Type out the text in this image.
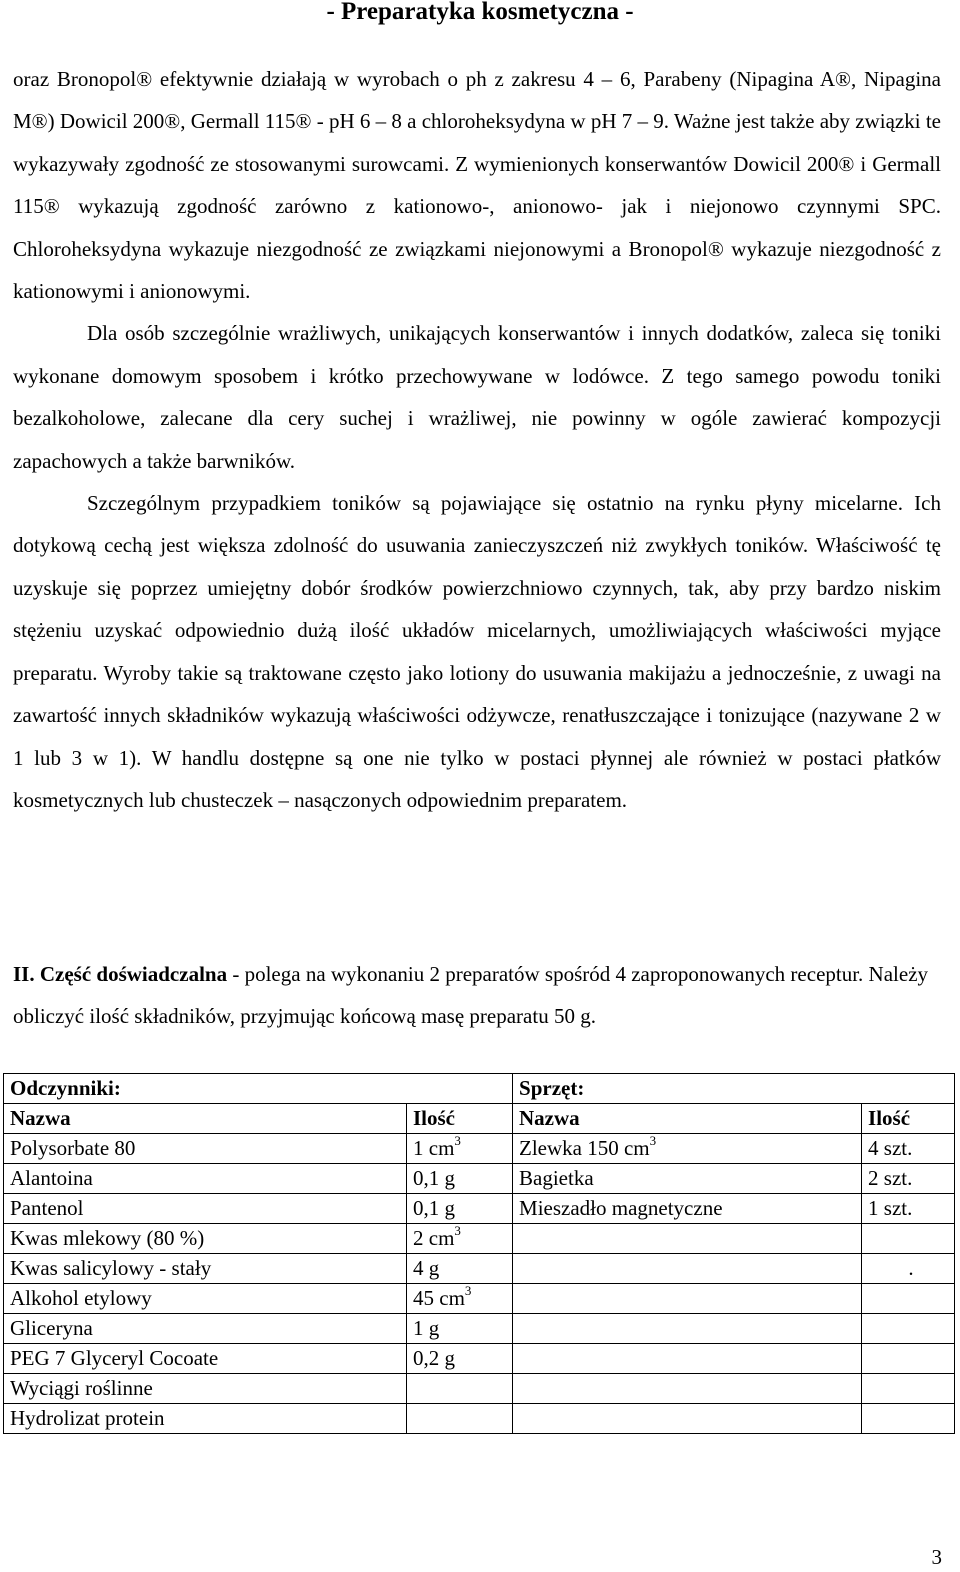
- Preparatyka kosmetyczna -

oraz Bronopol® efektywnie działają w wyrobach o ph z zakresu 4 – 6, Parabeny (Nipagina A®, Nipagina M®) Dowicil 200®, Germall 115® - pH 6 – 8 a chloroheksydyna w pH 7 – 9. Ważne jest także aby związki te wykazywały zgodność ze stosowanymi surowcami. Z wymienionych konserwantów Dowicil 200® i Germall 115® wykazują zgodność zarówno z kationowo-, anionowo- jak i niejonowo czynnymi SPC. Chloroheksydyna wykazuje niezgodność ze związkami niejonowymi a Bronopol® wykazuje niezgodność z kationowymi i anionowymi.

Dla osób szczególnie wrażliwych, unikających konserwantów i innych dodatków, zaleca się toniki wykonane domowym sposobem i krótko przechowywane w lodówce. Z tego samego powodu toniki bezalkoholowe, zalecane dla cery suchej i wrażliwej, nie powinny w ogóle zawierać kompozycji zapachowych a także barwników.

Szczególnym przypadkiem toników są pojawiające się ostatnio na rynku płyny micelarne. Ich dotykową cechą jest większa zdolność do usuwania zanieczyszczeń niż zwykłych toników. Właściwość tę uzyskuje się poprzez umiejętny dobór środków powierzchniowo czynnych, tak, aby przy bardzo niskim stężeniu uzyskać odpowiednio dużą ilość układów micelarnych, umożliwiających właściwości myjące preparatu. Wyroby takie są traktowane często jako lotiony do usuwania makijażu a jednocześnie, z uwagi na zawartość innych składników wykazują właściwości odżywcze, renatłuszczające i tonizujące (nazywane 2 w 1 lub 3 w 1). W handlu dostępne są one nie tylko w postaci płynnej ale również w postaci płatków kosmetycznych lub chusteczek – nasączonych odpowiednim preparatem.

II. Część doświadczalna - polega na wykonaniu 2 preparatów spośród 4 zaproponowanych receptur. Należy obliczyć ilość składników, przyjmując końcową masę preparatu 50 g.
Odczynniki:		Sprzęt:	
Nazwa	Ilość	Nazwa	Ilość
Polysorbate 80	1 $cm^3$	Zlewka 150 $cm^3$	4 szt.
Alantoina	0,1 g	Bagietka	2 szt.
Pantenol	0,1 g	Mieszadło magnetyczne	1 szt.
Kwas mlekowy (80 %)	2 $cm^3$		
Kwas salicylowy - stały	4 g		.
Alkohol etylowy	45 $cm^3$		
Gliceryna	1 g		
PEG 7 Glyceryl Cocoate	0,2 g		
Wyciągi roślinne			
Hydrolizat protein			
3
